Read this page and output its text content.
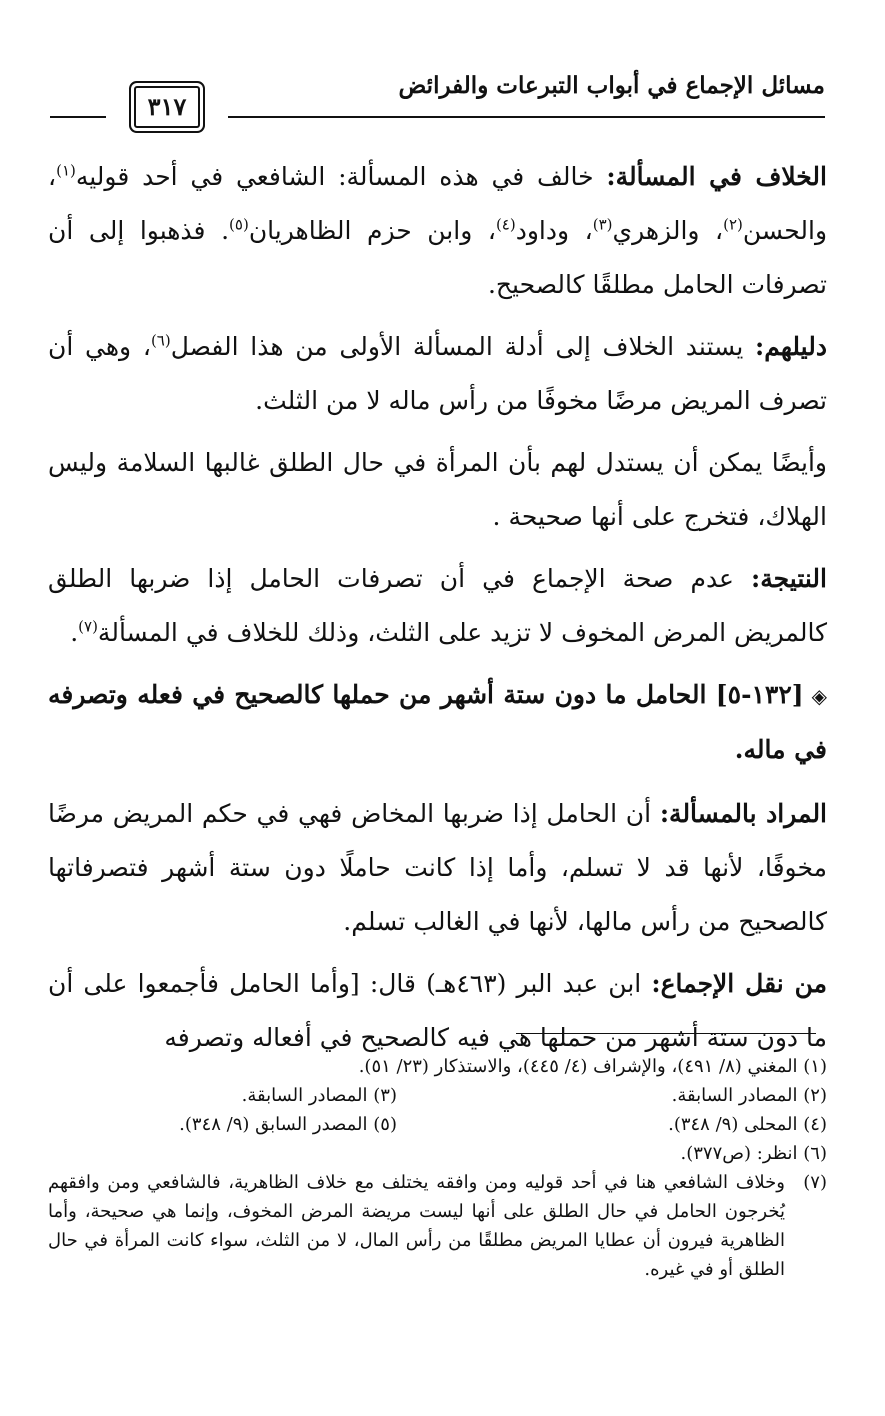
مسائل الإجماع في أبواب التبرعات والفرائض
٣١٧

الخلاف في المسألة: خالف في هذه المسألة: الشافعي في أحد قوليه$^{(١)}$، والحسن$^{(٢)}$، والزهري$^{(٣)}$، وداود$^{(٤)}$، وابن حزم الظاهريان$^{(٥)}$. فذهبوا إلى أن تصرفات الحامل مطلقًا كالصحيح.

دليلهم: يستند الخلاف إلى أدلة المسألة الأولى من هذا الفصل$^{(٦)}$، وهي أن تصرف المريض مرضًا مخوفًا من رأس ماله لا من الثلث.

وأيضًا يمكن أن يستدل لهم بأن المرأة في حال الطلق غالبها السلامة وليس الهلاك، فتخرج على أنها صحيحة .

النتيجة: عدم صحة الإجماع في أن تصرفات الحامل إذا ضربها الطلق كالمريض المرض المخوف لا تزيد على الثلث، وذلك للخلاف في المسألة$^{(٧)}$.

◈[١٣٢-٥] الحامل ما دون ستة أشهر من حملها كالصحيح في فعله وتصرفه في ماله.

المراد بالمسألة: أن الحامل إذا ضربها المخاض فهي في حكم المريض مرضًا مخوفًا، لأنها قد لا تسلم، وأما إذا كانت حاملًا دون ستة أشهر فتصرفاتها كالصحيح من رأس مالها، لأنها في الغالب تسلم.

من نقل الإجماع: ابن عبد البر (٤٦٣هـ) قال: [وأما الحامل فأجمعوا على أن ما دون ستة أشهر من حملها هي فيه كالصحيح في أفعاله وتصرفه

(١) المغني (٨/ ٤٩١)، والإشراف (٤/ ٤٤٥)، والاستذكار (٢٣/ ٥١).
(٢) المصادر السابقة.
(٣) المصادر السابقة.
(٤) المحلى (٩/ ٣٤٨).
(٥) المصدر السابق (٩/ ٣٤٨).
(٦) انظر: (ص٣٧٧).
(٧)وخلاف الشافعي هنا في أحد قوليه ومن وافقه يختلف مع خلاف الظاهرية، فالشافعي ومن وافقهم يُخرجون الحامل في حال الطلق على أنها ليست مريضة المرض المخوف، وإنما هي صحيحة، وأما الظاهرية فيرون أن عطايا المريض مطلقًا من رأس المال، لا من الثلث، سواء كانت المرأة في حال الطلق أو في غيره.
